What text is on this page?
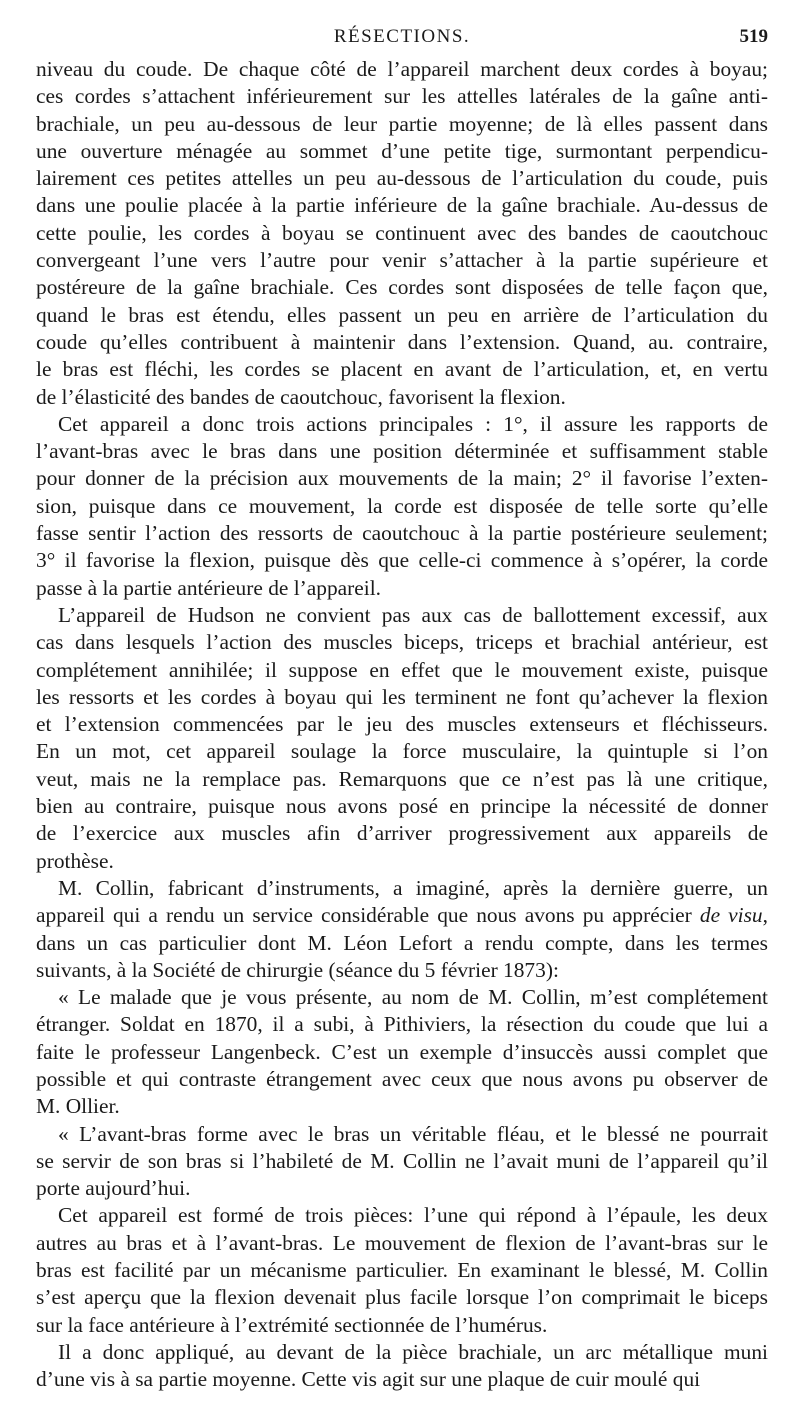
RÉSECTIONS.	519
niveau du coude. De chaque côté de l’appareil marchent deux cordes à boyau;
ces cordes s’attachent inférieurement sur les attelles latérales de la gaîne anti-
brachiale, un peu au-dessous de leur partie moyenne; de là elles passent dans
une ouverture ménagée au sommet d’une petite tige, surmontant perpendicu-
lairement ces petites attelles un peu au-dessous de l’articulation du coude, puis
dans une poulie placée à la partie inférieure de la gaîne brachiale. Au-dessus de
cette poulie, les cordes à boyau se continuent avec des bandes de caoutchouc
convergeant l’une vers l’autre pour venir s’attacher à la partie supérieure et
postéreure de la gaîne brachiale. Ces cordes sont disposées de telle façon que,
quand le bras est étendu, elles passent un peu en arrière de l’articulation du
coude qu’elles contribuent à maintenir dans l’extension. Quand, au. contraire,
le bras est fléchi, les cordes se placent en avant de l’articulation, et, en vertu
de l’élasticité des bandes de caoutchouc, favorisent la flexion.
Cet appareil a donc trois actions principales : 1°, il assure les rapports de
l’avant-bras avec le bras dans une position déterminée et suffisamment stable
pour donner de la précision aux mouvements de la main; 2° il favorise l’exten-
sion, puisque dans ce mouvement, la corde est disposée de telle sorte qu’elle
fasse sentir l’action des ressorts de caoutchouc à la partie postérieure seulement;
3° il favorise la flexion, puisque dès que celle-ci commence à s’opérer, la corde
passe à la partie antérieure de l’appareil.
L’appareil de Hudson ne convient pas aux cas de ballottement excessif, aux
cas dans lesquels l’action des muscles biceps, triceps et brachial antérieur, est
complétement annihilée; il suppose en effet que le mouvement existe, puisque
les ressorts et les cordes à boyau qui les terminent ne font qu’achever la flexion
et l’extension commencées par le jeu des muscles extenseurs et fléchisseurs.
En un mot, cet appareil soulage la force musculaire, la quintuple si l’on
veut, mais ne la remplace pas. Remarquons que ce n’est pas là une critique,
bien au contraire, puisque nous avons posé en principe la nécessité de donner
de l’exercice aux muscles afin d’arriver progressivement aux appareils de
prothèse.
M. Collin, fabricant d’instruments, a imaginé, après la dernière guerre, un
appareil qui a rendu un service considérable que nous avons pu apprécier de visu,
dans un cas particulier dont M. Léon Lefort a rendu compte, dans les termes
suivants, à la Société de chirurgie (séance du 5 février 1873):
« Le malade que je vous présente, au nom de M. Collin, m’est complétement
étranger. Soldat en 1870, il a subi, à Pithiviers, la résection du coude que lui a
faite le professeur Langenbeck. C’est un exemple d’insuccès aussi complet que
possible et qui contraste étrangement avec ceux que nous avons pu observer de
M. Ollier.
« L’avant-bras forme avec le bras un véritable fléau, et le blessé ne pourrait
se servir de son bras si l’habileté de M. Collin ne l’avait muni de l’appareil qu’il
porte aujourd’hui.
Cet appareil est formé de trois pièces: l’une qui répond à l’épaule, les deux
autres au bras et à l’avant-bras. Le mouvement de flexion de l’avant-bras sur le
bras est facilité par un mécanisme particulier. En examinant le blessé, M. Collin
s’est aperçu que la flexion devenait plus facile lorsque l’on comprimait le biceps
sur la face antérieure à l’extrémité sectionnée de l’humérus.
Il a donc appliqué, au devant de la pièce brachiale, un arc métallique muni
d’une vis à sa partie moyenne. Cette vis agit sur une plaque de cuir moulé qui
